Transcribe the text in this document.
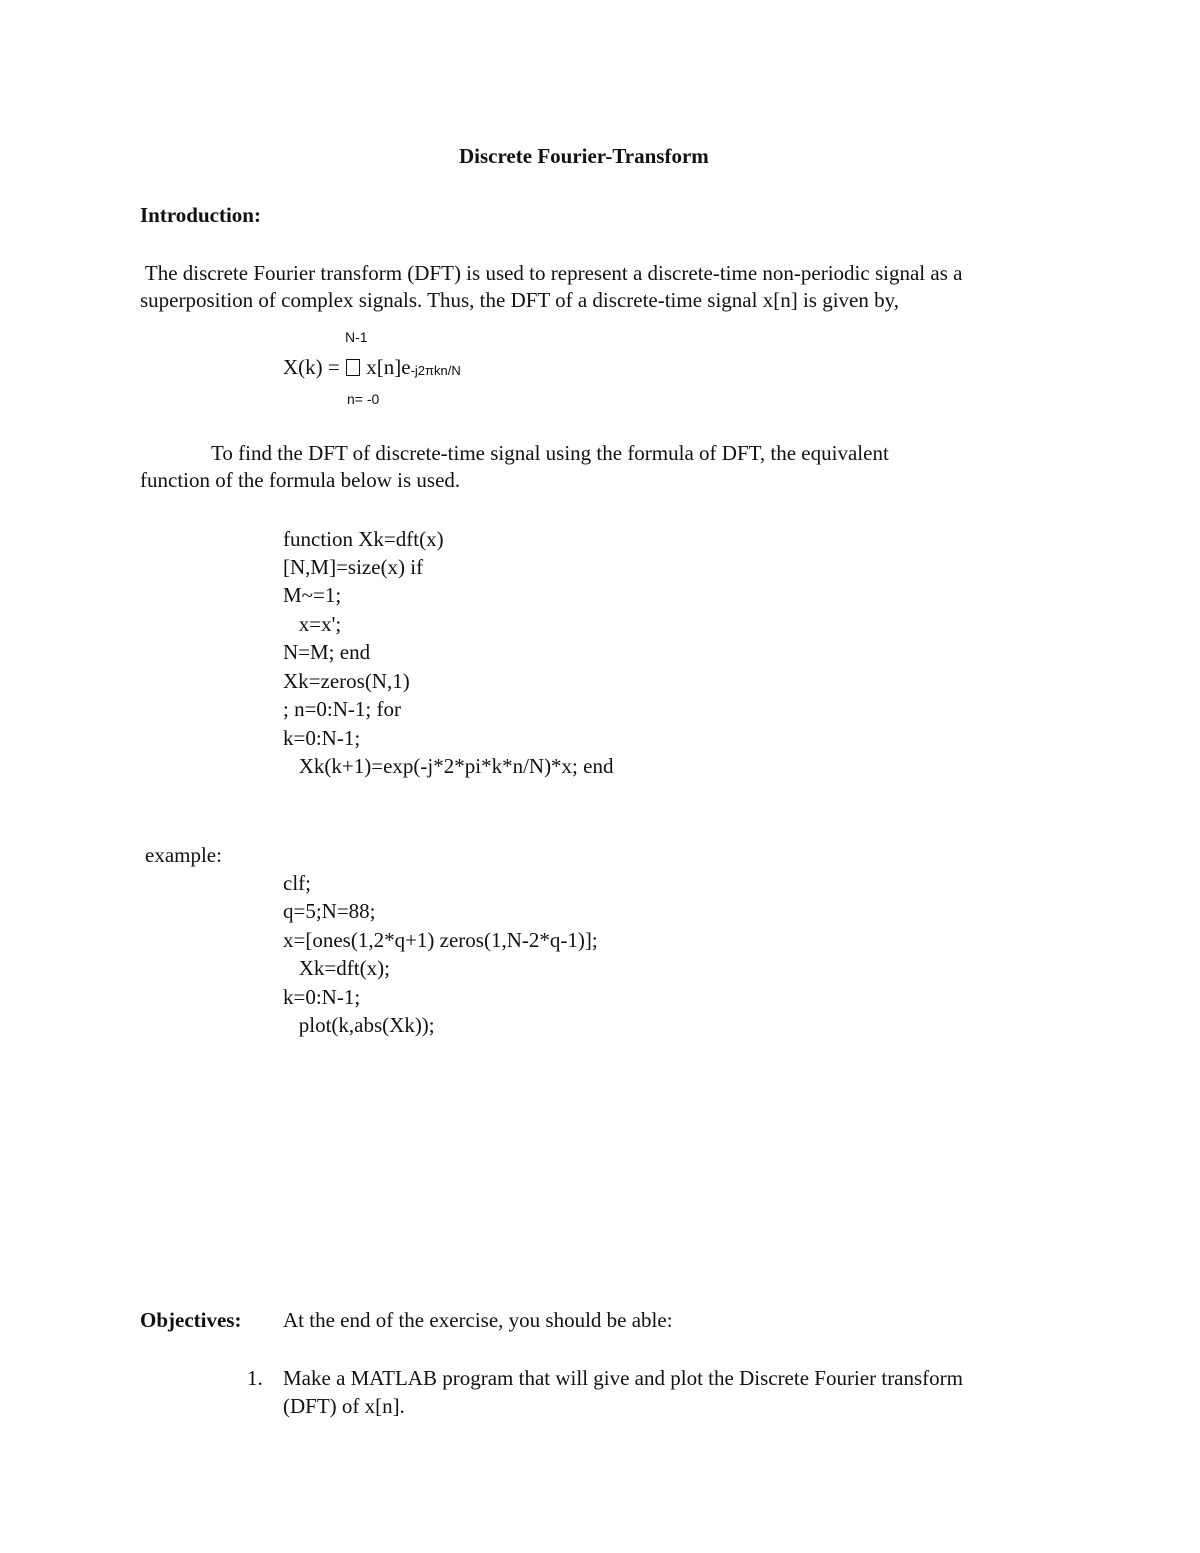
Discrete Fourier-Transform
Introduction:
The discrete Fourier transform (DFT) is used to represent a discrete-time non-periodic signal as a
superposition of complex signals. Thus, the DFT of a discrete-time signal x[n] is given by,
N-1
X(k) =  x[n]e-j2πkn/N
n= -0
To find the DFT of discrete-time signal using the formula of DFT, the equivalent
function of the formula below is used.
function Xk=dft(x)
[N,M]=size(x) if
M~=1;
x=x';
N=M; end
Xk=zeros(N,1)
; n=0:N-1; for
k=0:N-1;
Xk(k+1)=exp(-j*2*pi*k*n/N)*x; end
example:
clf;
q=5;N=88;
x=[ones(1,2*q+1) zeros(1,N-2*q-1)];
Xk=dft(x);
k=0:N-1;
plot(k,abs(Xk));
Objectives: At the end of the exercise, you should be able:
1. Make a MATLAB program that will give and plot the Discrete Fourier transform
(DFT) of x[n].
